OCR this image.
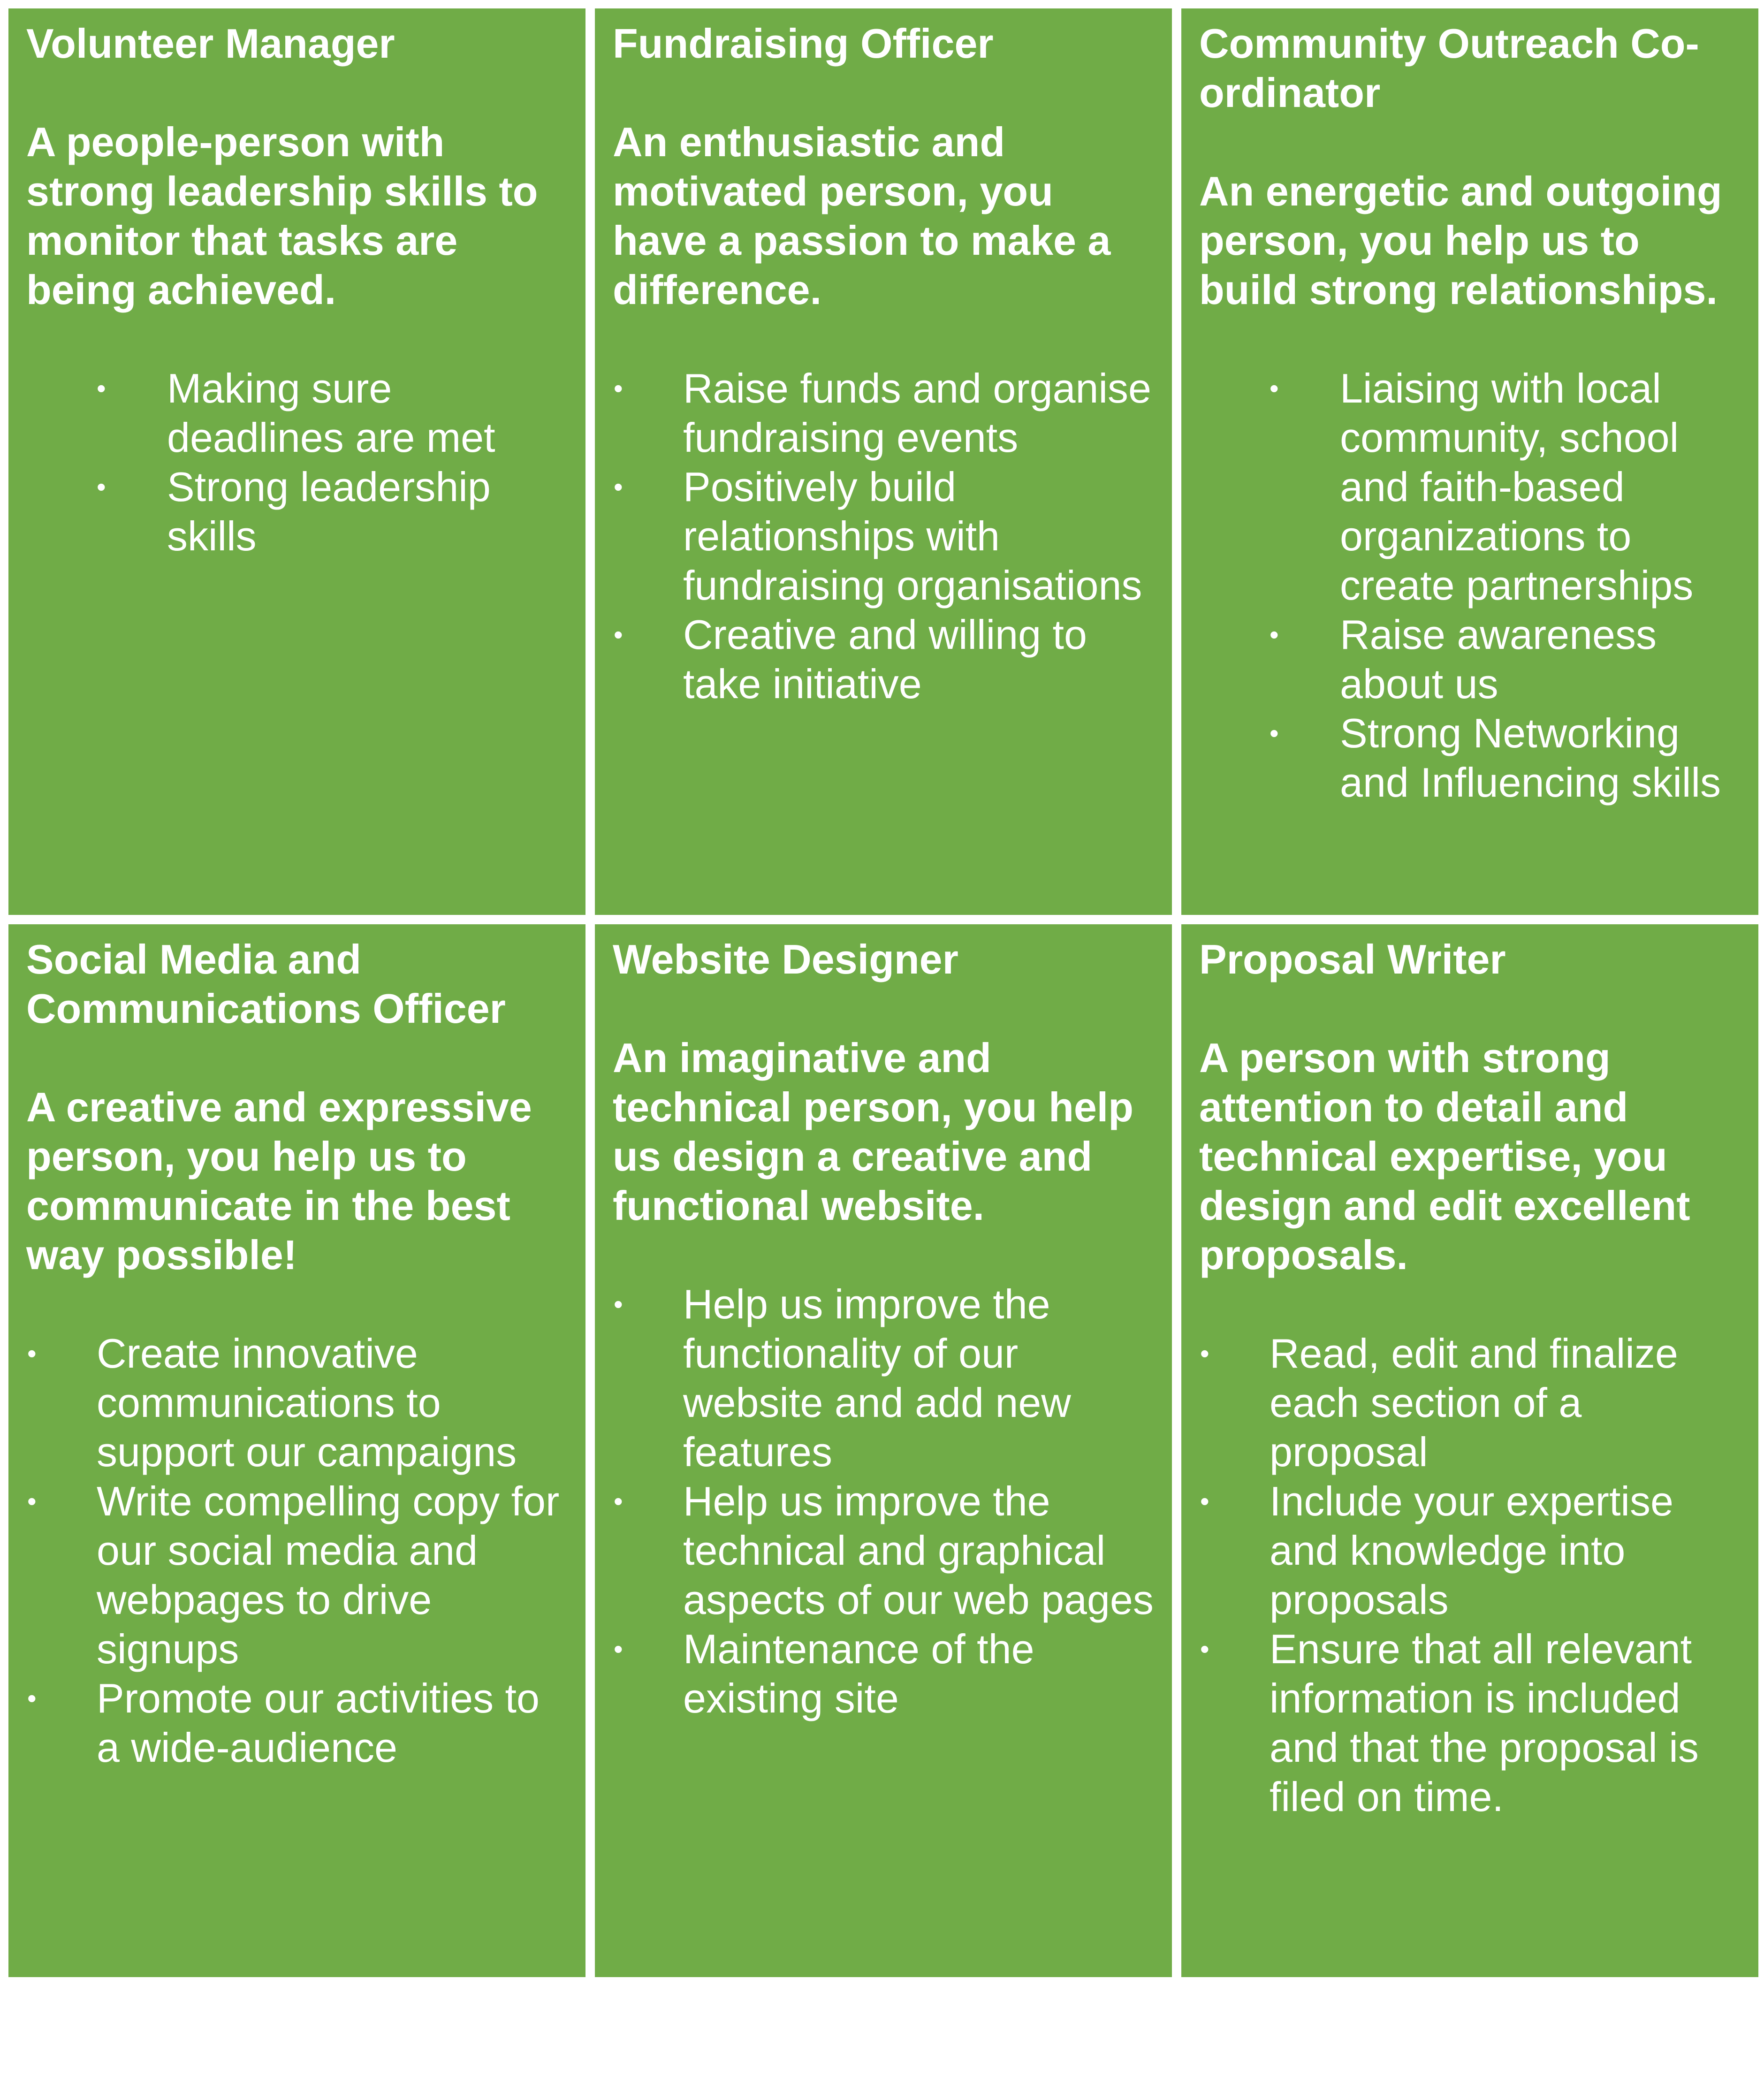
Volunteer Manager

A people-person with strong leadership skills to monitor that tasks are being achieved.

• Making sure deadlines are met
• Strong leadership skills

Fundraising Officer

An enthusiastic and motivated person, you have a passion to make a difference.

• Raise funds and organise fundraising events
• Positively build relationships with fundraising organisations
• Creative and willing to take initiative

Community Outreach Co-ordinator

An energetic and outgoing person, you help us to build strong relationships.

• Liaising with local community, school and faith-based organizations to create partnerships
• Raise awareness about us
• Strong Networking and Influencing skills

Social Media and Communications Officer

A creative and expressive person, you help us to communicate in the best way possible!

• Create innovative communications to support our campaigns
• Write compelling copy for our social media and webpages to drive signups
• Promote our activities to a wide-audience

Website Designer

An imaginative and technical person, you help us design a creative and functional website.

• Help us improve the functionality of our website and add new features
• Help us improve the technical and graphical aspects of our web pages
• Maintenance of the existing site

Proposal Writer

A person with strong attention to detail and technical expertise, you design and edit excellent proposals.

• Read, edit and finalize each section of a proposal
• Include your expertise and knowledge into proposals
• Ensure that all relevant information is included and that the proposal is filed on time.
